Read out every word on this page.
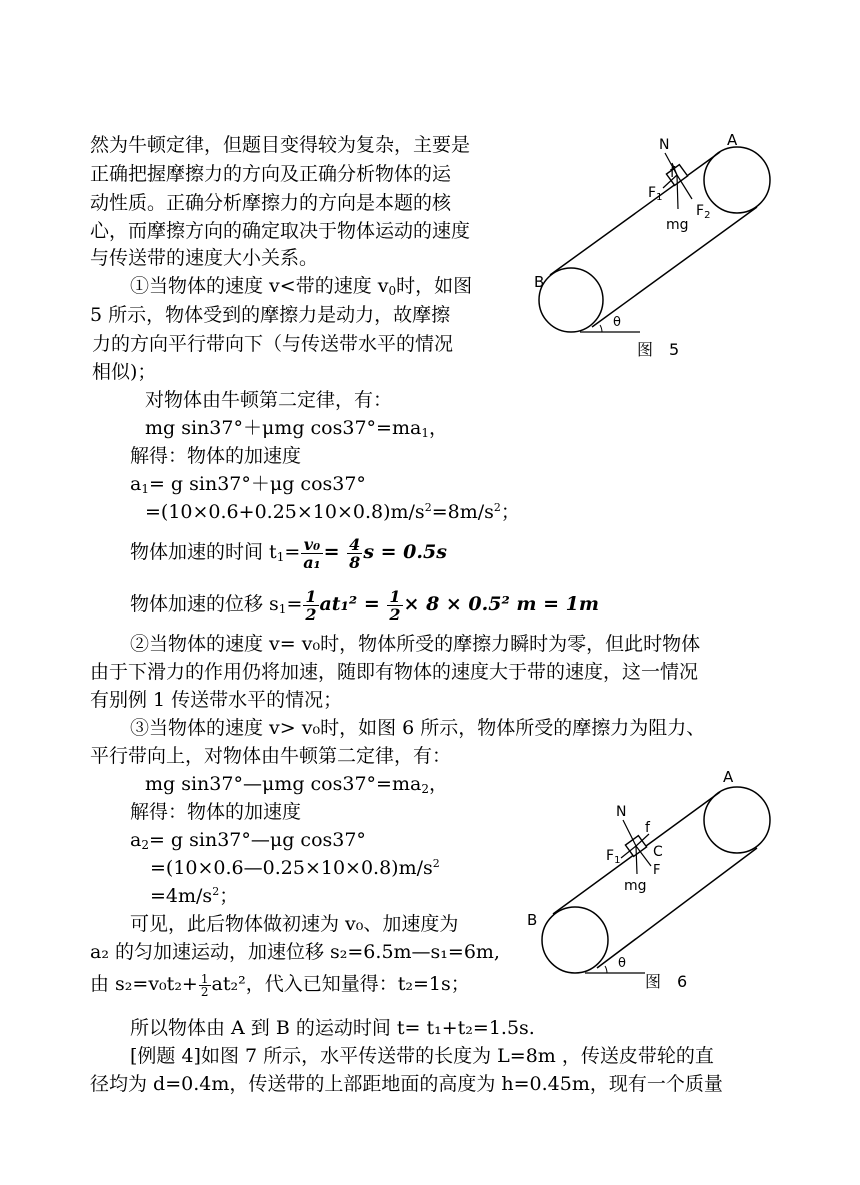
然为牛顿定律，但题目变得较为复杂，主要是
正确把握摩擦力的方向及正确分析物体的运
动性质。正确分析摩擦力的方向是本题的核
心，而摩擦方向的确定取决于物体运动的速度
与传送带的速度大小关系。
①当物体的速度 v<带的速度 $v_0$时，如图
5 所示，物体受到的摩擦力是动力，故摩擦
力的方向平行带向下（与传送带水平的情况
相似)；
对物体由牛顿第二定律，有：
mg sin37°＋μmg $\cos 37^\circ=ma_1$，
解得：物体的加速度
$a_1= g$ sin37°＋μg cos37°
$=(10\times 0.6+0.25\times 10\times 0.8)m/s^2=8m/s^2$；
物体加速的时间 $t_1= \frac{\text{v₀}}{\text{a₁}} = \frac{4}{8}$ s = 0.5s
物体加速的位移 $s_1= \frac{1}{2} at_1^2 = \frac{1}{2} \times 8 \times 0.5^2$ m = 1m
②当物体的速度 v= v₀时，物体所受的摩擦力瞬时为零，但此时物体
由于下滑力的作用仍将加速，随即有物体的速度大于带的速度，这一情况
有别例 1 传送带水平的情况；
③当物体的速度 v> v₀时，如图 6 所示，物体所受的摩擦力为阻力、
平行带向上，对物体由牛顿第二定律，有：
mg sin37°—μmg $\cos 37^\circ=ma_2$，
解得：物体的加速度
$a_2= g$ sin37°—μg cos37°
$=(10\times 0.6—0.25\times 10\times 0.8)m/s^2$
$=4m/s^2$；
可见，此后物体做初速为 v₀、加速度为
a₂ 的匀加速运动，加速位移 s₂=6.5m—s₁=6m,
由 $s_2=v_0t_2+ \frac{1}{2} at_2^2$，代入已知量得：t₂=1s；
所以物体由 A 到 B 的运动时间 t= t₁+t₂=1.5s.
[例题 4]如图 7 所示，水平传送带的长度为 L=8m ，传送皮带轮的直
径均为 d=0.4m，传送带的上部距地面的高度为 h=0.45m，现有一个质量
A
B
N
f
$F_1$
$F_2$
mg
θ
图　5
A
B
N
f
$F_1$
C
F
mg
θ
图　6
